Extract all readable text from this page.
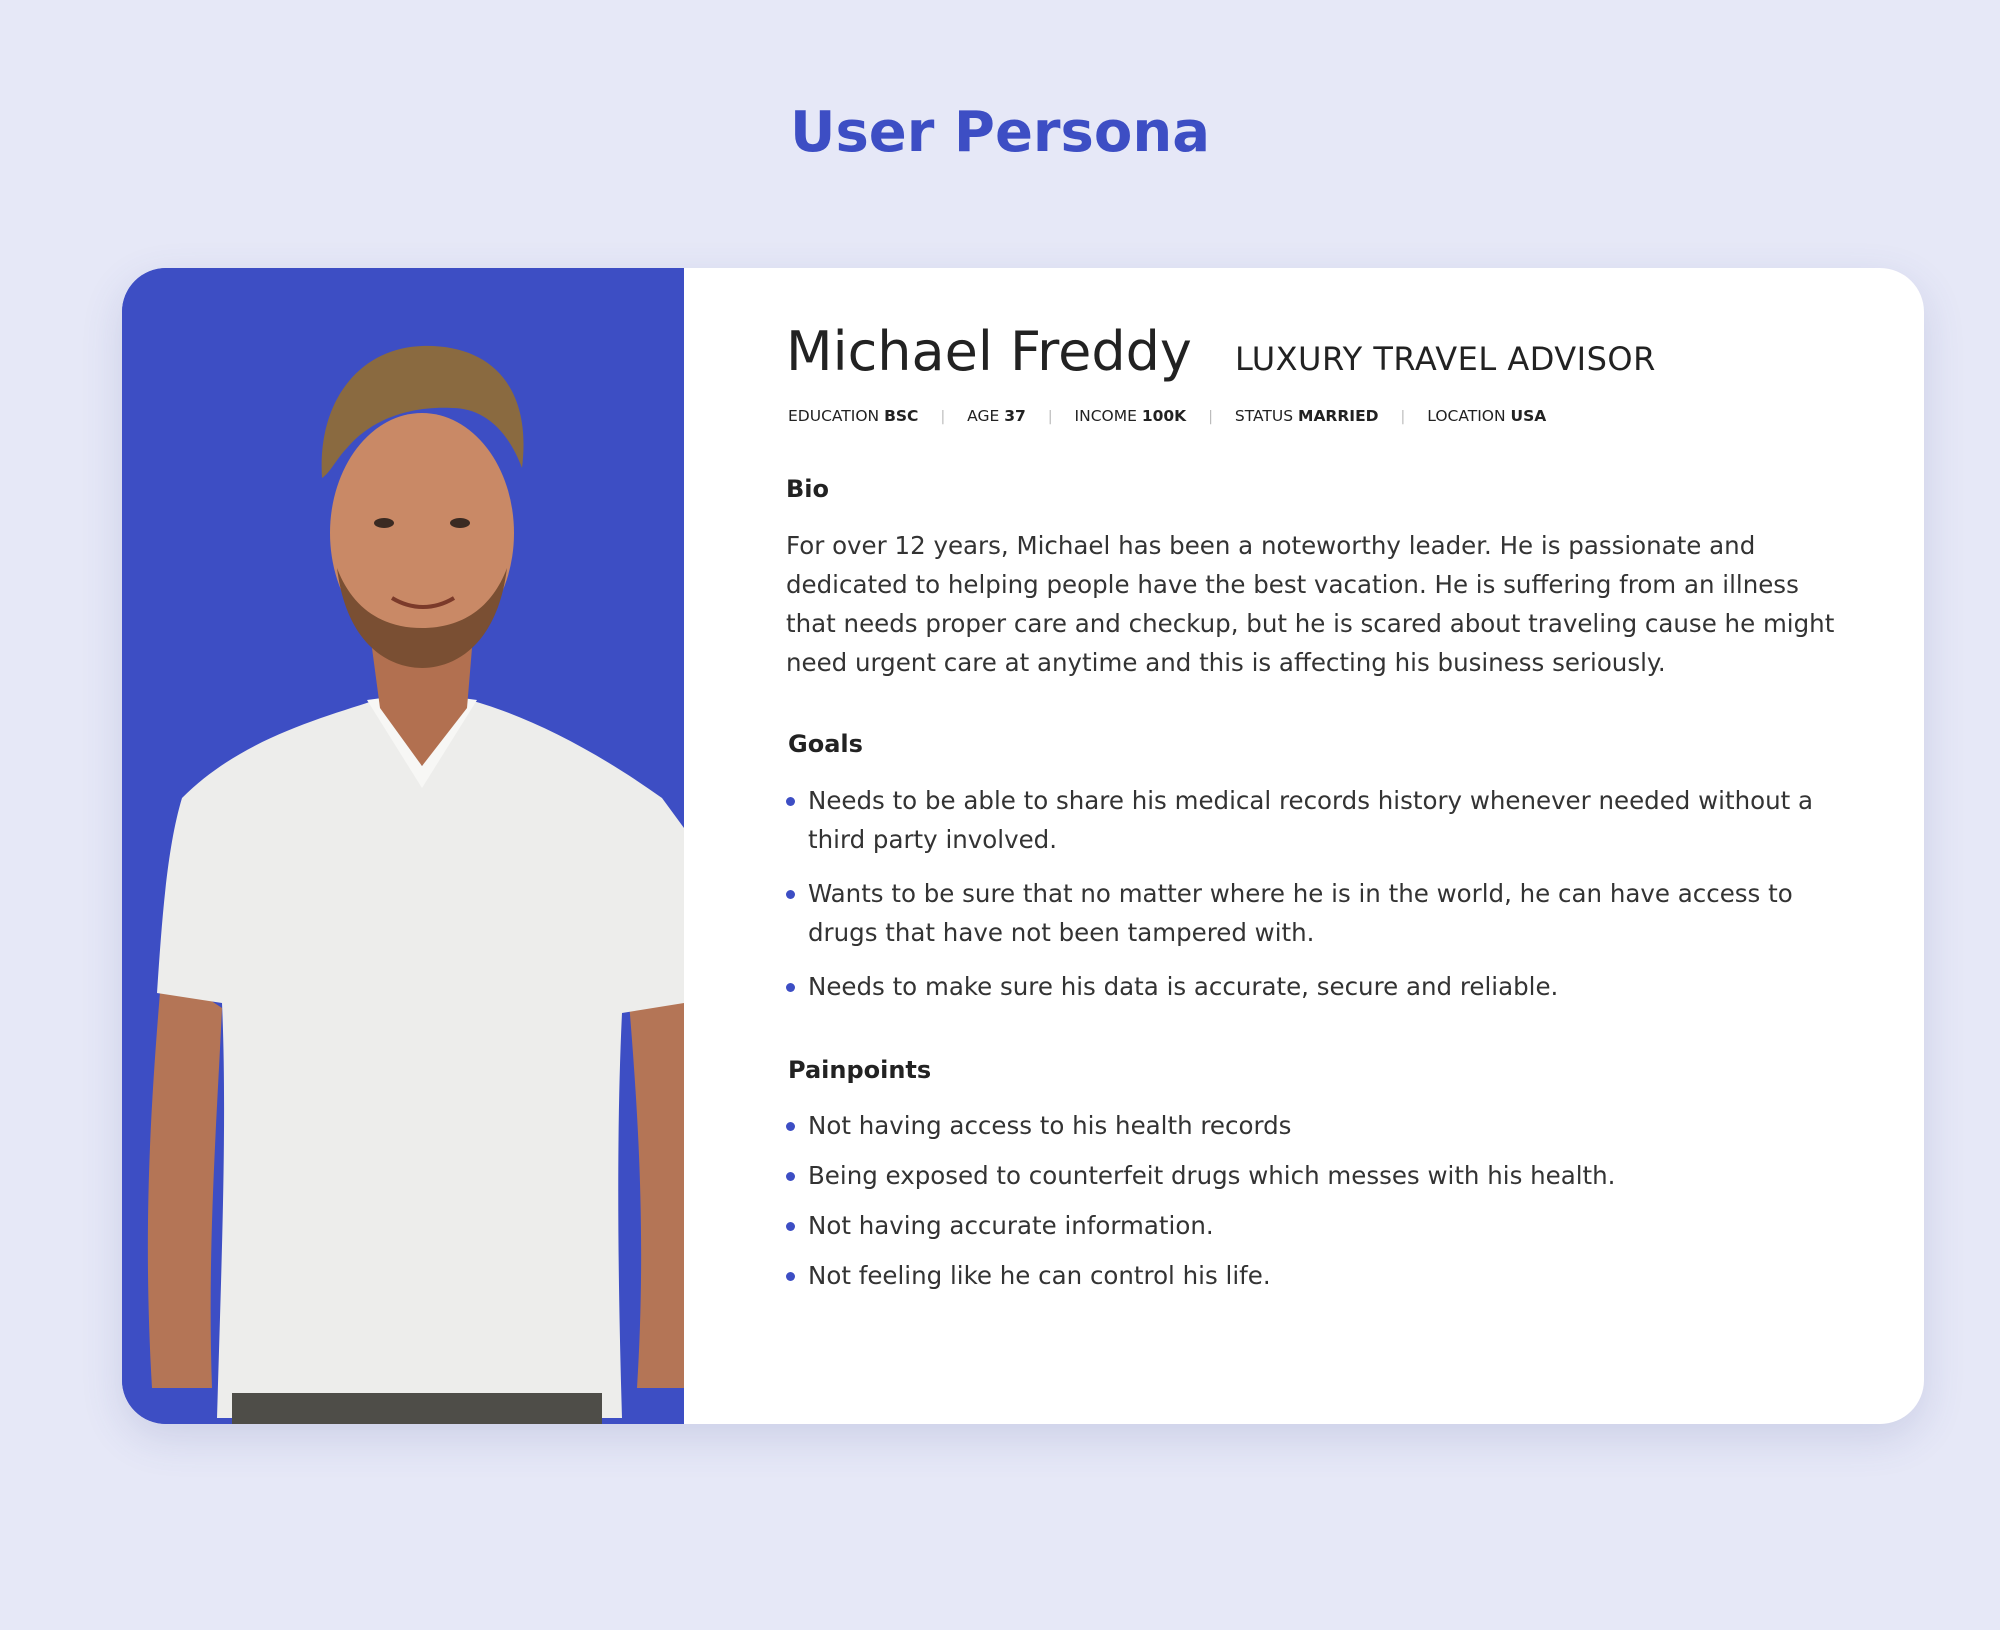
User Persona
Michael Freddy LUXURY TRAVEL ADVISOR
EDUCATION BSC | AGE 37 | INCOME 100K | STATUS MARRIED | LOCATION USA
Bio

For over 12 years, Michael has been a noteworthy leader. He is passionate and dedicated to helping people have the best vacation. He is suffering from an illness that needs proper care and checkup, but he is scared about traveling cause he might need urgent care at anytime and this is affecting his business seriously.

Goals
Needs to be able to share his medical records history whenever needed without a third party involved.
Wants to be sure that no matter where he is in the world, he can have access to drugs that have not been tampered with.
Needs to make sure his data is accurate, secure and reliable.
Painpoints
Not having access to his health records
Being exposed to counterfeit drugs which messes with his health.
Not having accurate information.
Not feeling like he can control his life.
